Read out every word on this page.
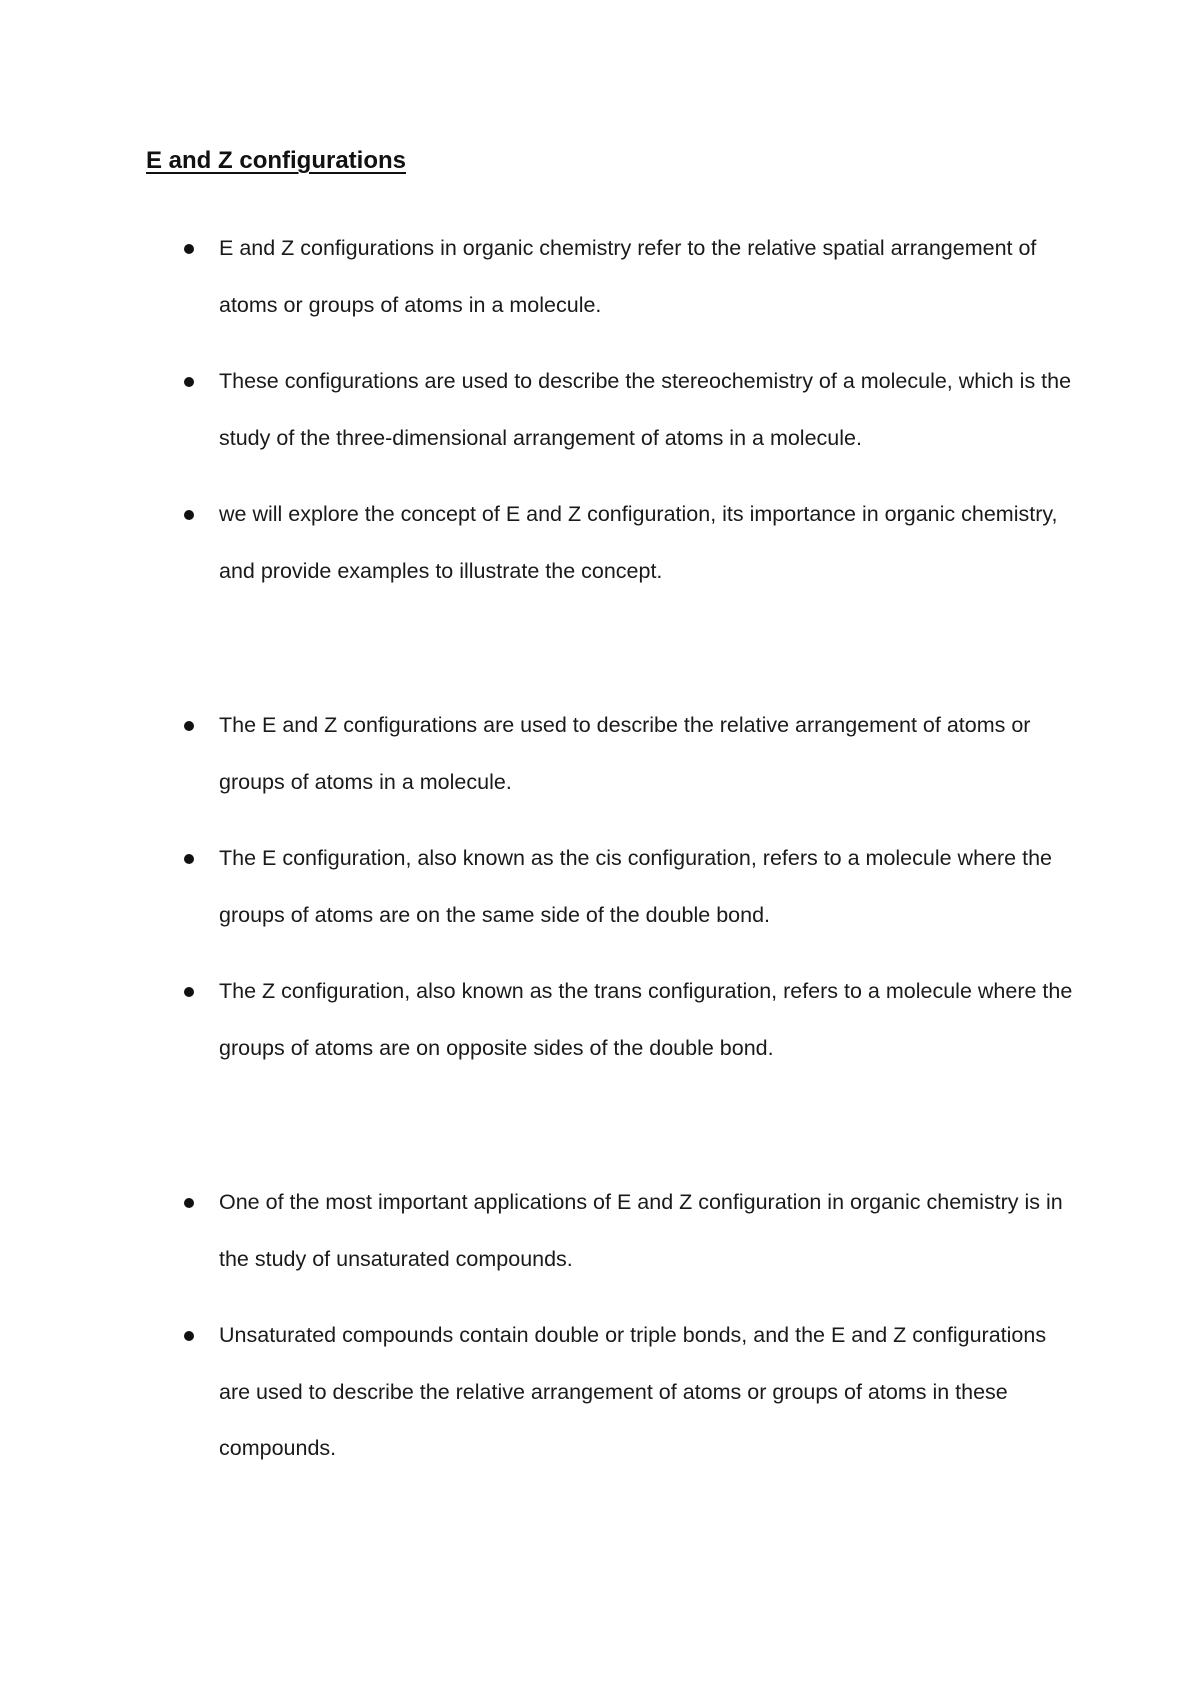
E and Z configurations
E and Z configurations in organic chemistry refer to the relative spatial arrangement of atoms or groups of atoms in a molecule.
These configurations are used to describe the stereochemistry of a molecule, which is the study of the three-dimensional arrangement of atoms in a molecule.
we will explore the concept of E and Z configuration, its importance in organic chemistry, and provide examples to illustrate the concept.
The E and Z configurations are used to describe the relative arrangement of atoms or groups of atoms in a molecule.
The E configuration, also known as the cis configuration, refers to a molecule where the groups of atoms are on the same side of the double bond.
The Z configuration, also known as the trans configuration, refers to a molecule where the groups of atoms are on opposite sides of the double bond.
One of the most important applications of E and Z configuration in organic chemistry is in the study of unsaturated compounds.
Unsaturated compounds contain double or triple bonds, and the E and Z configurations are used to describe the relative arrangement of atoms or groups of atoms in these compounds.
